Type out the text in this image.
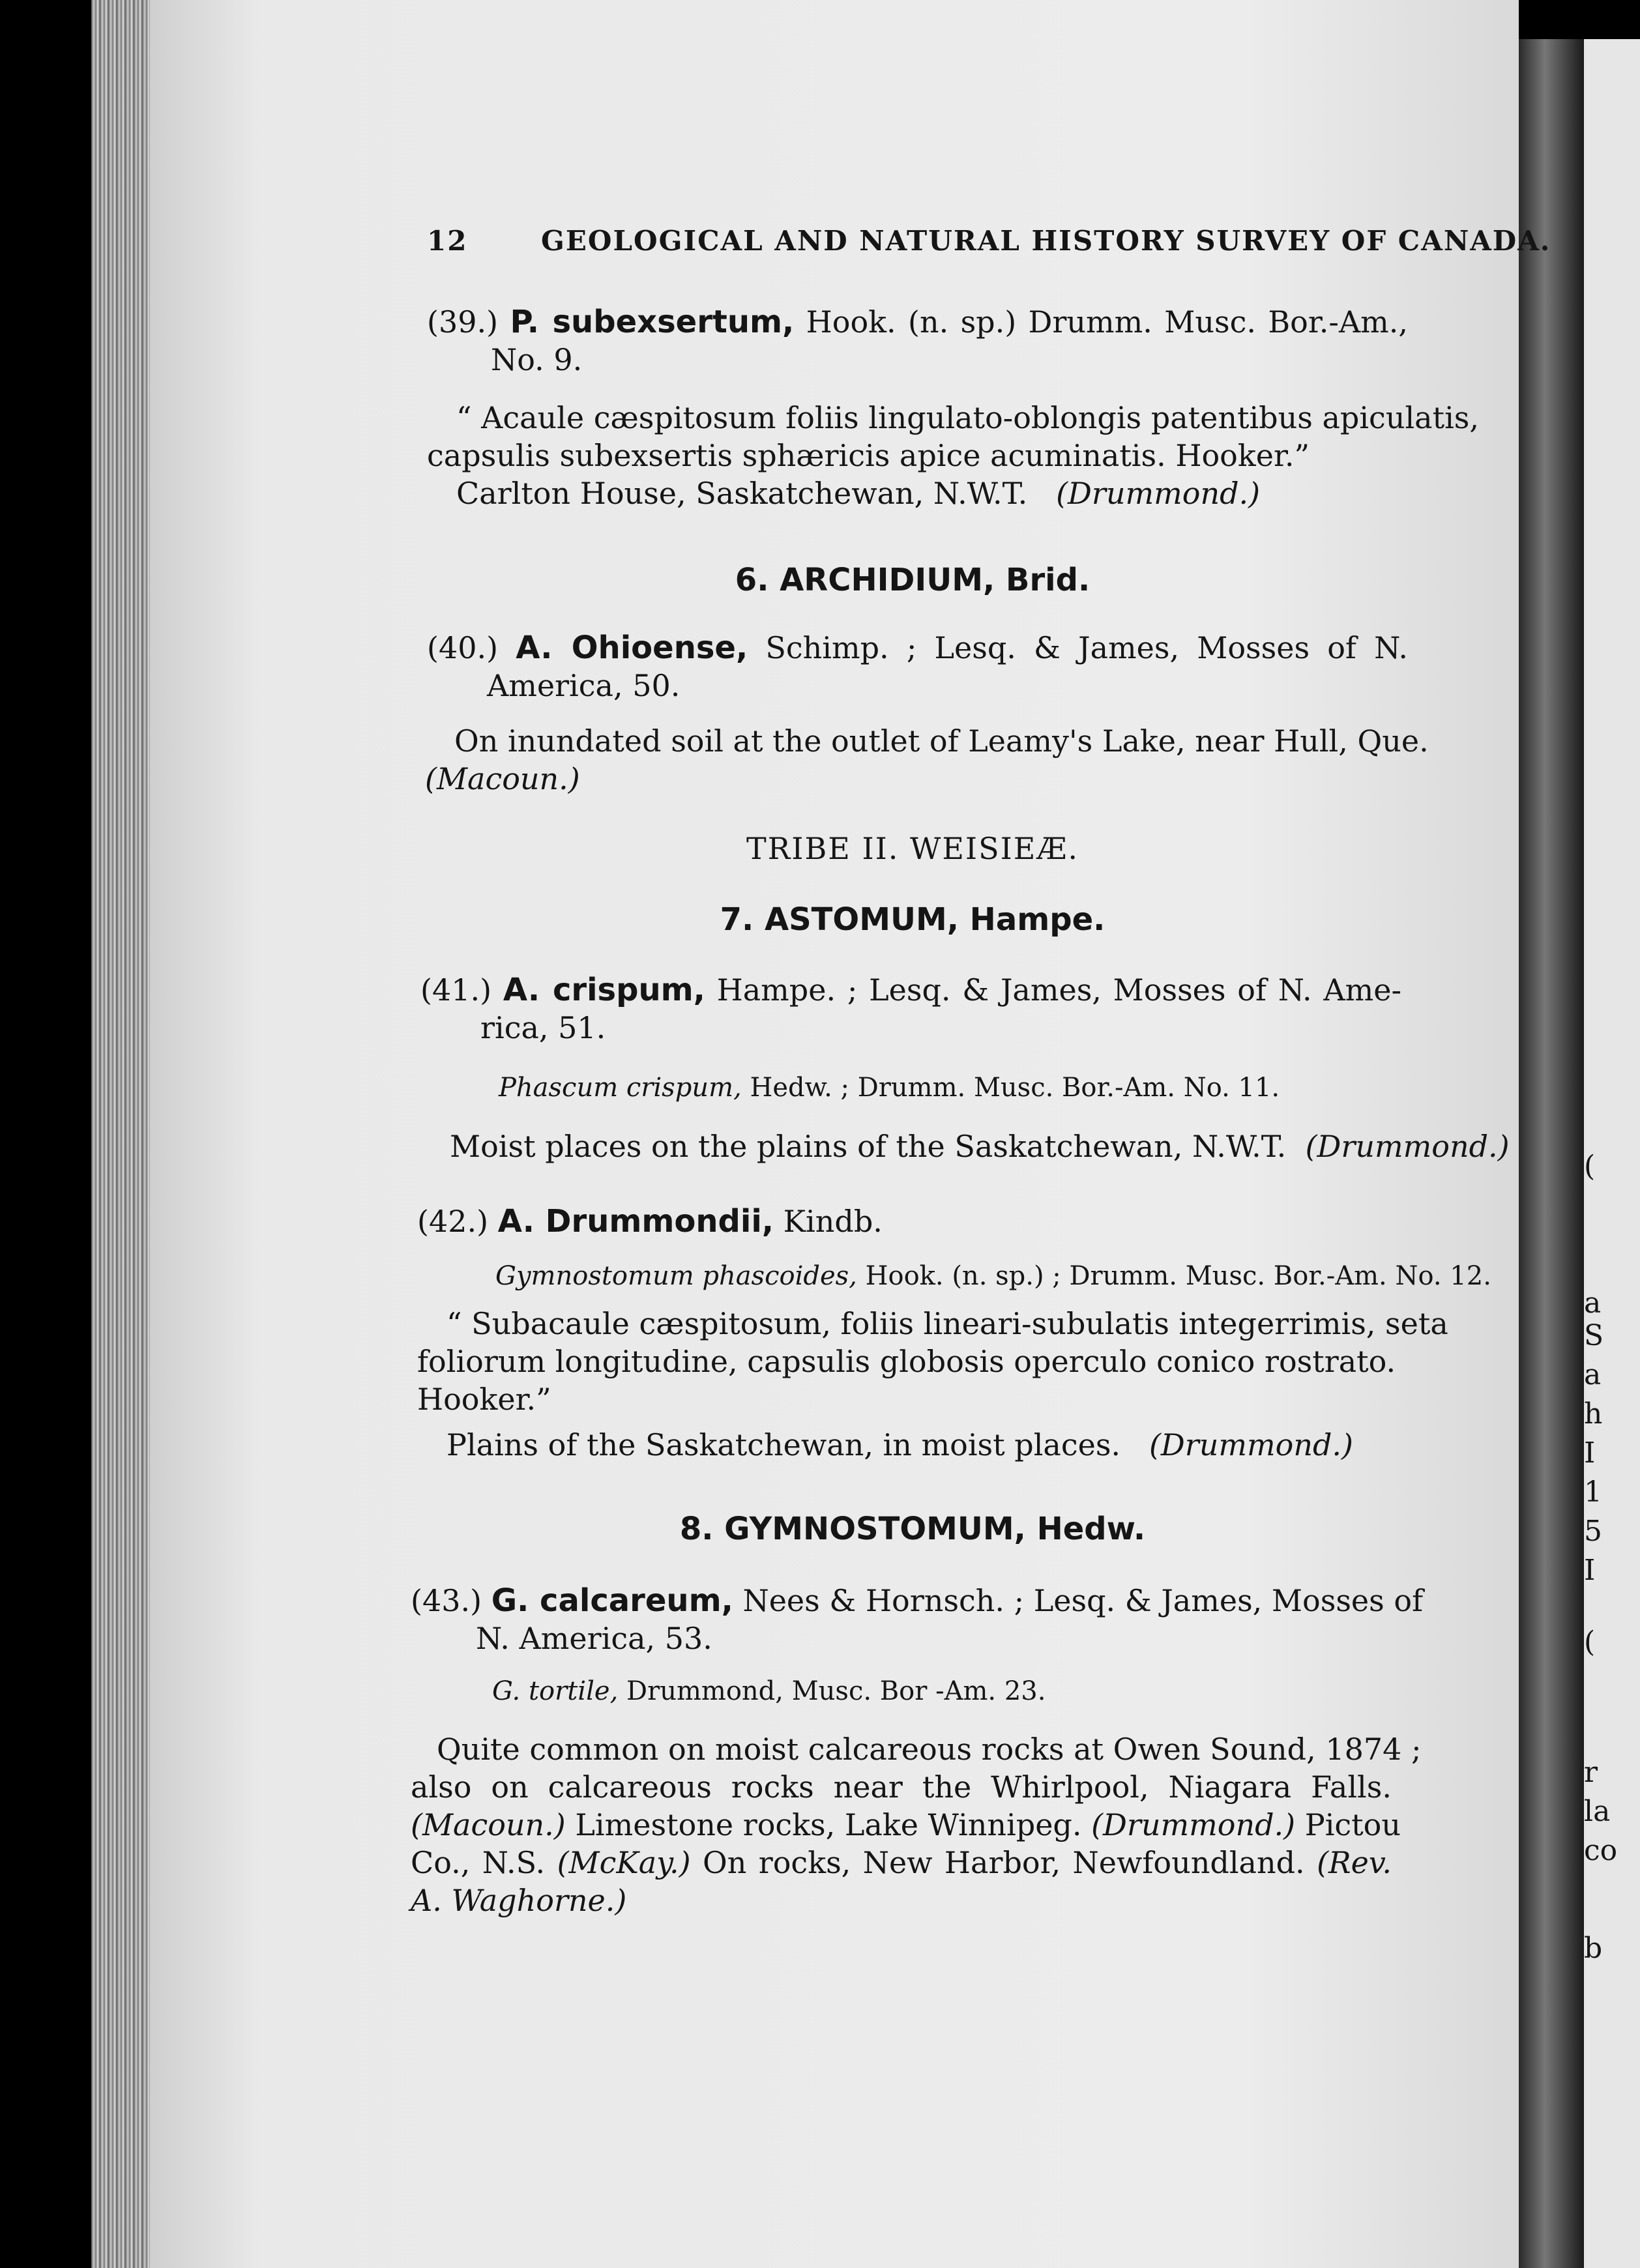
(
a
S
a
h
I
1
5
I
(
r
la
co
b
12	GEOLOGICAL AND NATURAL HISTORY SURVEY OF CANADA.
(39.) P. subexsertum, Hook. (n. sp.) Drumm. Musc. Bor.-Am.,
No. 9.
“ Acaule cæspitosum foliis lingulato-oblongis patentibus apiculatis,
capsulis subexsertis sphæricis apice acuminatis. Hooker.”
Carlton House, Saskatchewan, N.W.T. (Drummond.)
6. ARCHIDIUM, Brid.
(40.) A. Ohioense, Schimp. ; Lesq. & James, Mosses of N.
America, 50.
On inundated soil at the outlet of Leamy's Lake, near Hull, Que.
(Macoun.)
TRIBE II. WEISIEÆ.
7. ASTOMUM, Hampe.
(41.) A. crispum, Hampe. ; Lesq. & James, Mosses of N. Ame-
rica, 51.
Phascum crispum, Hedw. ; Drumm. Musc. Bor.-Am. No. 11.
Moist places on the plains of the Saskatchewan, N.W.T. (Drummond.)
(42.) A. Drummondii, Kindb.
Gymnostomum phascoides, Hook. (n. sp.) ; Drumm. Musc. Bor.-Am. No. 12.
“ Subacaule cæspitosum, foliis lineari-subulatis integerrimis, seta
foliorum longitudine, capsulis globosis operculo conico rostrato.
Hooker.”
Plains of the Saskatchewan, in moist places. (Drummond.)
8. GYMNOSTOMUM, Hedw.
(43.) G. calcareum, Nees & Hornsch. ; Lesq. & James, Mosses of
N. America, 53.
G. tortile, Drummond, Musc. Bor -Am. 23.
Quite common on moist calcareous rocks at Owen Sound, 1874 ;
also on calcareous rocks near the Whirlpool, Niagara Falls.
(Macoun.) Limestone rocks, Lake Winnipeg. (Drummond.) Pictou
Co., N.S. (McKay.) On rocks, New Harbor, Newfoundland. (Rev.
A. Waghorne.)
